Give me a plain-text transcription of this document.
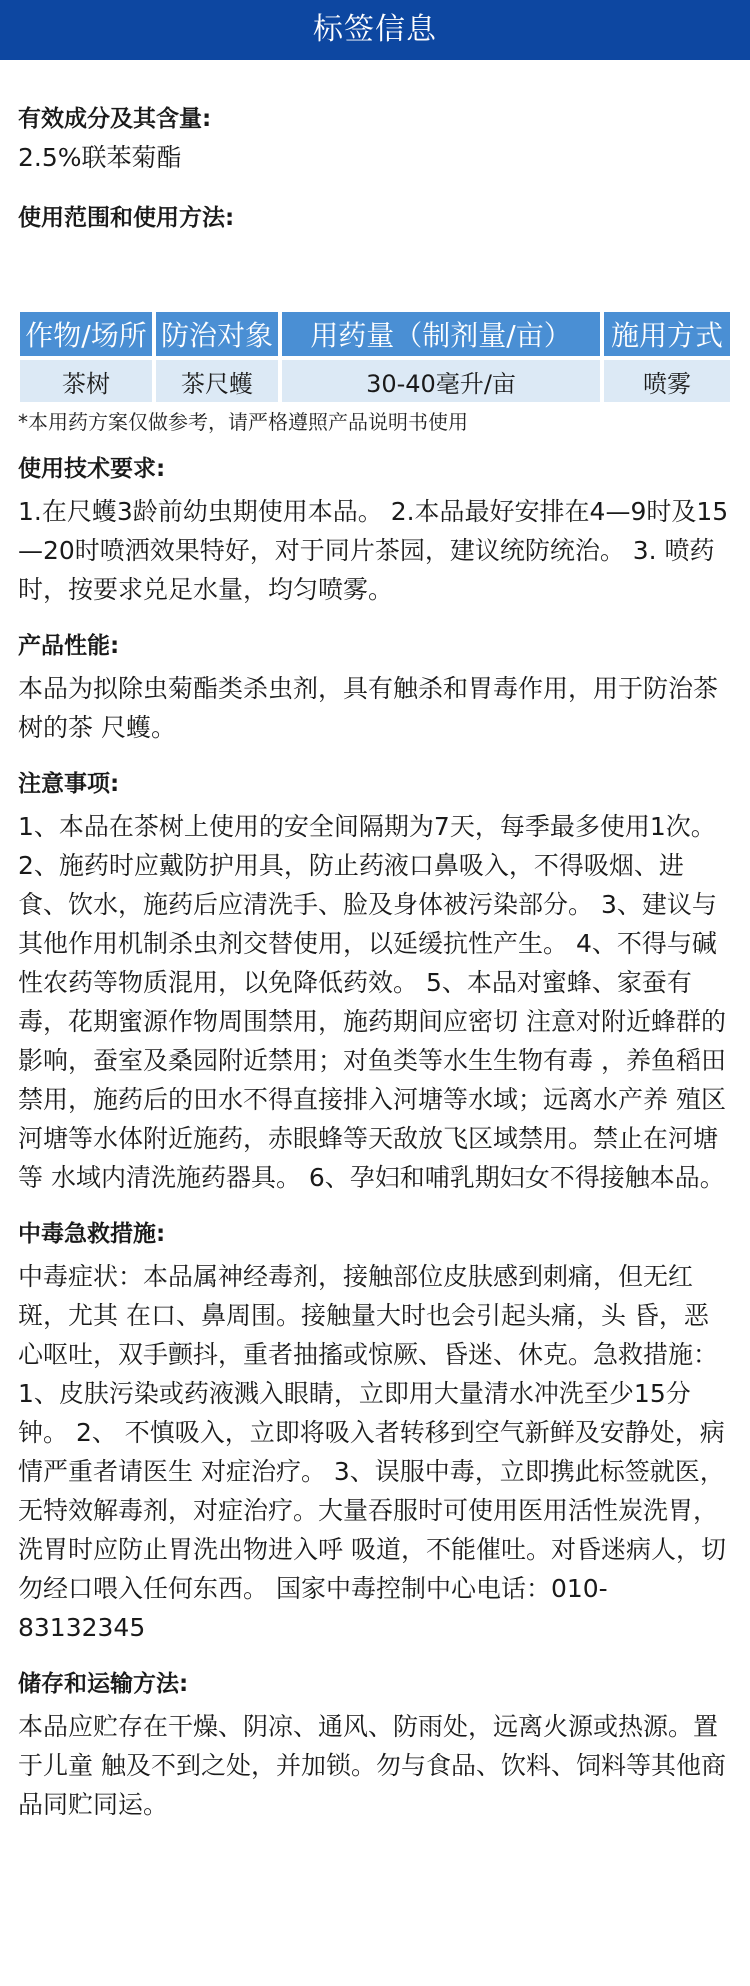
标签信息

有效成分及其含量:

2.5%联苯菊酯

使用范围和使用方法:

作物/场所	防治对象	用药量（制剂量/亩）	施用方式
茶树	茶尺蠖	30-40毫升/亩	喷雾
*本用药方案仅做参考，请严格遵照产品说明书使用

使用技术要求:

1.在尺蠖3龄前幼虫期使用本品。 2.本品最好安排在4—9时及15—20时喷洒效果特好，对于同片茶园，建议统防统治。 3. 喷药时，按要求兑足水量，均匀喷雾。

产品性能:

本品为拟除虫菊酯类杀虫剂，具有触杀和胃毒作用，用于防治茶树的茶 尺蠖。

注意事项:

1、本品在茶树上使用的安全间隔期为7天，每季最多使用1次。 2、施药时应戴防护用具，防止药液口鼻吸入，不得吸烟、进食、饮水，施药后应清洗手、脸及身体被污染部分。 3、建议与其他作用机制杀虫剂交替使用，以延缓抗性产生。 4、不得与碱性农药等物质混用，以免降低药效。 5、本品对蜜蜂、家蚕有毒，花期蜜源作物周围禁用，施药期间应密切 注意对附近蜂群的影响，蚕室及桑园附近禁用；对鱼类等水生生物有毒 ，养鱼稻田禁用，施药后的田水不得直接排入河塘等水域；远离水产养 殖区河塘等水体附近施药，赤眼蜂等天敌放飞区域禁用。禁止在河塘等 水域内清洗施药器具。 6、孕妇和哺乳期妇女不得接触本品。

中毒急救措施:

中毒症状：本品属神经毒剂，接触部位皮肤感到刺痛，但无红斑，尤其 在口、鼻周围。接触量大时也会引起头痛，头 昏，恶心呕吐，双手颤抖，重者抽搐或惊厥、昏迷、休克。急救措施： 1、皮肤污染或药液溅入眼睛，立即用大量清水冲洗至少15分钟。 2、 不慎吸入，立即将吸入者转移到空气新鲜及安静处，病情严重者请医生 对症治疗。 3、误服中毒，立即携此标签就医，无特效解毒剂，对症治疗。大量吞服时可使用医用活性炭洗胃，洗胃时应防止胃洗出物进入呼 吸道，不能催吐。对昏迷病人，切勿经口喂入任何东西。 国家中毒控制中心电话：010-83132345

储存和运输方法:

本品应贮存在干燥、阴凉、通风、防雨处，远离火源或热源。置于儿童 触及不到之处，并加锁。勿与食品、饮料、饲料等其他商品同贮同运。
